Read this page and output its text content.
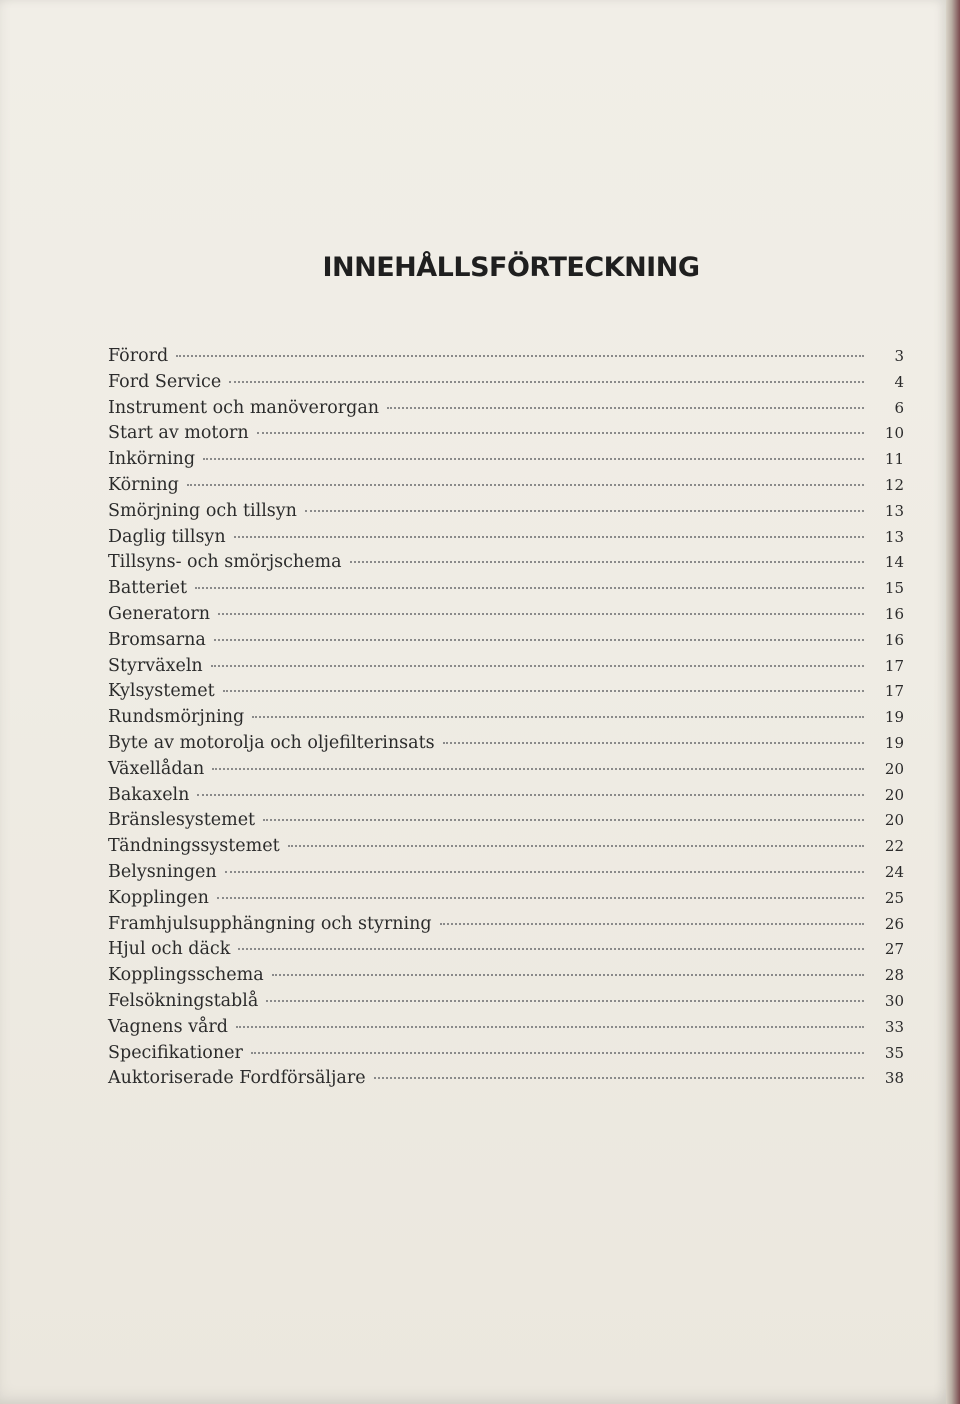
INNEHÅLLSFÖRTECKNING
Förord	3
Ford Service	4
Instrument och manöverorgan	6
Start av motorn	10
Inkörning	11
Körning	12
Smörjning och tillsyn	13
Daglig tillsyn	13
Tillsyns- och smörjschema	14
Batteriet	15
Generatorn	16
Bromsarna	16
Styrväxeln	17
Kylsystemet	17
Rundsmörjning	19
Byte av motorolja och oljefilterinsats	19
Växellådan	20
Bakaxeln	20
Bränslesystemet	20
Tändningssystemet	22
Belysningen	24
Kopplingen	25
Framhjulsupphängning och styrning	26
Hjul och däck	27
Kopplingsschema	28
Felsökningstablå	30
Vagnens vård	33
Specifikationer	35
Auktoriserade Fordförsäljare	38
